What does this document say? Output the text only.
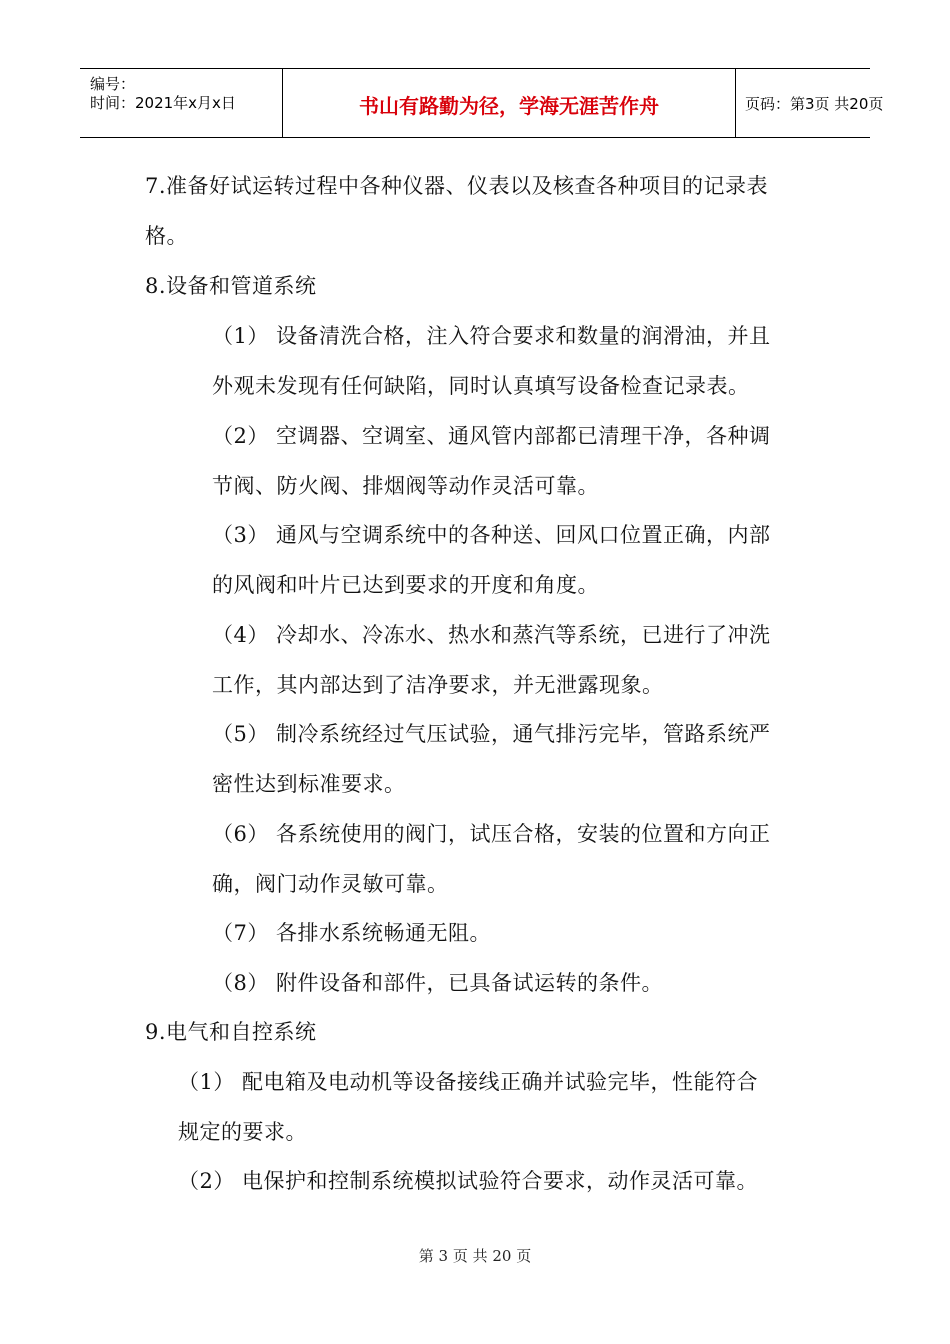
编号：
时间：2021年x月x日	书山有路勤为径，学海无涯苦作舟	页码：第3页 共20页
7.准备好试运转过程中各种仪器、仪表以及核查各种项目的记录表
格。
8.设备和管道系统
（1） 设备清洗合格，注入符合要求和数量的润滑油，并且
外观未发现有任何缺陷，同时认真填写设备检查记录表。
（2） 空调器、空调室、通风管内部都已清理干净，各种调
节阀、防火阀、排烟阀等动作灵活可靠。
（3） 通风与空调系统中的各种送、回风口位置正确，内部
的风阀和叶片已达到要求的开度和角度。
（4） 冷却水、冷冻水、热水和蒸汽等系统，已进行了冲洗
工作，其内部达到了洁净要求，并无泄露现象。
（5） 制冷系统经过气压试验，通气排污完毕，管路系统严
密性达到标准要求。
（6） 各系统使用的阀门，试压合格，安装的位置和方向正
确，阀门动作灵敏可靠。
（7） 各排水系统畅通无阻。
（8） 附件设备和部件，已具备试运转的条件。
9.电气和自控系统
（1） 配电箱及电动机等设备接线正确并试验完毕，性能符合
规定的要求。
（2） 电保护和控制系统模拟试验符合要求，动作灵活可靠。
第 3 页 共 20 页
